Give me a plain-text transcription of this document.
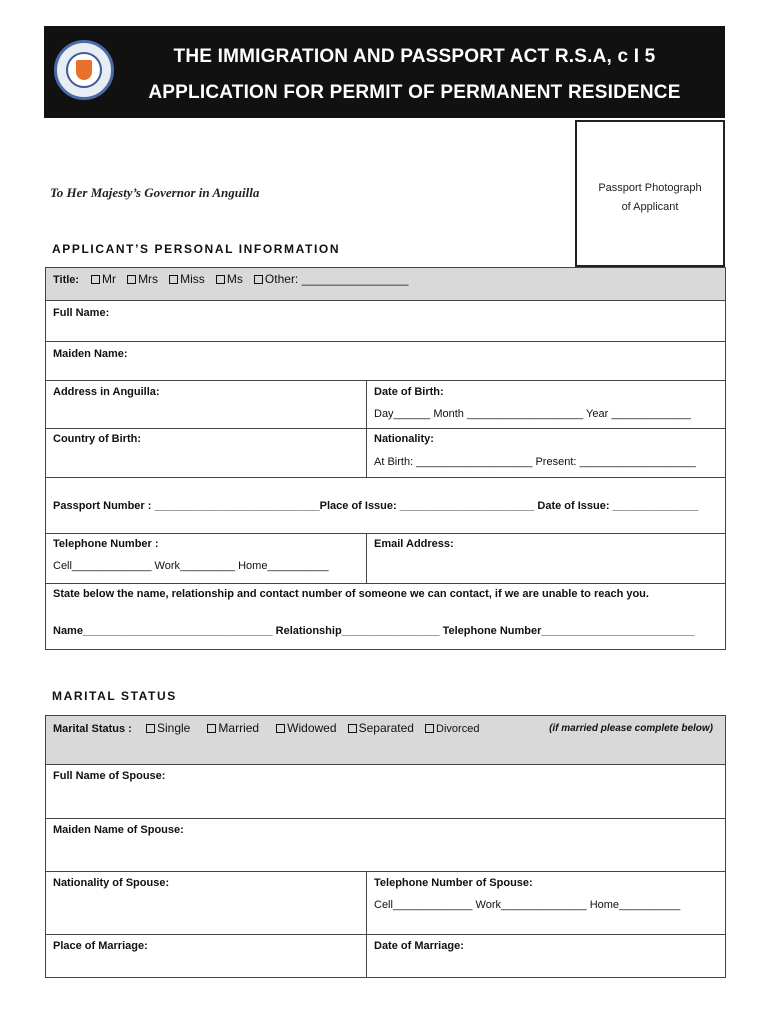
THE IMMIGRATION AND PASSPORT ACT R.S.A, c I 5
APPLICATION FOR PERMIT OF PERMANENT RESIDENCE
Passport Photograph
of Applicant
To Her Majesty’s Governor in Anguilla
APPLICANT’S PERSONAL INFORMATION
Title:	Mr Mrs Miss Ms Other: ________________
Full Name:
Maiden Name:
Address in Anguilla:	Date of Birth:
Day______ Month ___________________ Year _____________
Country of Birth:	Nationality:
At Birth: ___________________ Present: ___________________
Passport Number : ___________________________Place of Issue: ______________________ Date of Issue: ______________
Telephone Number :
Cell_____________ Work_________ Home__________
Email Address:
State below the name, relationship and contact number of someone we can contact, if we are unable to reach you.
Name_______________________________ Relationship________________ Telephone Number_________________________
MARITAL STATUS
Marital Status :	Single Married Widowed Separated Divorced	(if married please complete below)
Full Name of Spouse:
Maiden Name of Spouse:
Nationality of Spouse:	Telephone Number of Spouse:
Cell_____________ Work______________ Home__________
Place of Marriage:	Date of Marriage:
